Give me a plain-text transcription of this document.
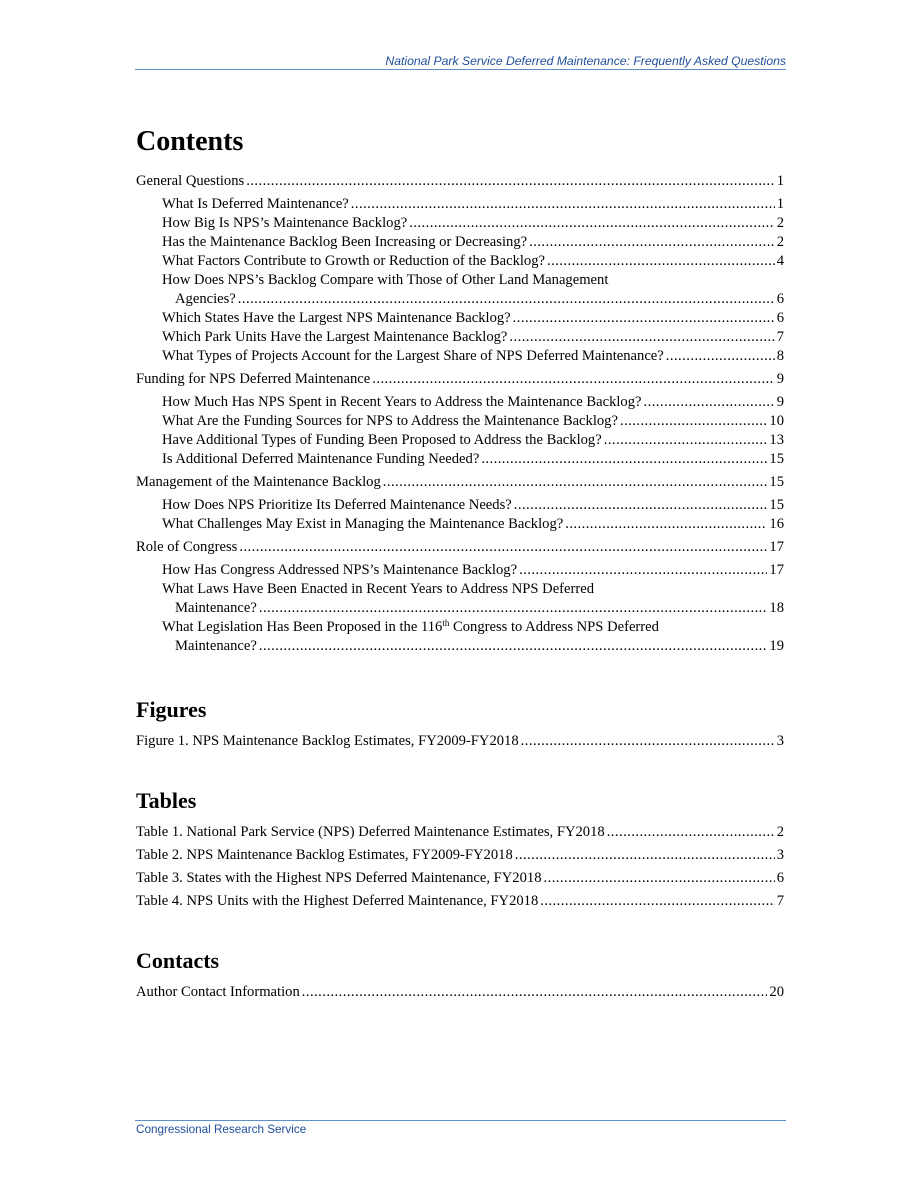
National Park Service Deferred Maintenance: Frequently Asked Questions
Contents
General Questions . . .	1
What Is Deferred Maintenance? . . .	1
How Big Is NPS’s Maintenance Backlog? . . .	2
Has the Maintenance Backlog Been Increasing or Decreasing? . . .	2
What Factors Contribute to Growth or Reduction of the Backlog? . . .	4
How Does NPS’s Backlog Compare with Those of Other Land Management
Agencies? . . .	6
Which States Have the Largest NPS Maintenance Backlog? . . .	6
Which Park Units Have the Largest Maintenance Backlog? . . .	7
What Types of Projects Account for the Largest Share of NPS Deferred Maintenance? . . .	8
Funding for NPS Deferred Maintenance . . .	9
How Much Has NPS Spent in Recent Years to Address the Maintenance Backlog? . . .	9
What Are the Funding Sources for NPS to Address the Maintenance Backlog? . . .	10
Have Additional Types of Funding Been Proposed to Address the Backlog? . . .	13
Is Additional Deferred Maintenance Funding Needed? . . .	15
Management of the Maintenance Backlog . . .	15
How Does NPS Prioritize Its Deferred Maintenance Needs? . . .	15
What Challenges May Exist in Managing the Maintenance Backlog? . . .	16
Role of Congress . . .	17
How Has Congress Addressed NPS’s Maintenance Backlog? . . .	17
What Laws Have Been Enacted in Recent Years to Address NPS Deferred
Maintenance? . . .	18
What Legislation Has Been Proposed in the 116th Congress to Address NPS Deferred
Maintenance? . . .	19
Figures
Figure 1. NPS Maintenance Backlog Estimates, FY2009-FY2018 . . .	3
Tables
Table 1. National Park Service (NPS) Deferred Maintenance Estimates, FY2018 . . .	2
Table 2. NPS Maintenance Backlog Estimates, FY2009-FY2018 . . .	3
Table 3. States with the Highest NPS Deferred Maintenance, FY2018 . . .	6
Table 4. NPS Units with the Highest Deferred Maintenance, FY2018 . . .	7
Contacts
Author Contact Information . . .	20
Congressional Research Service
